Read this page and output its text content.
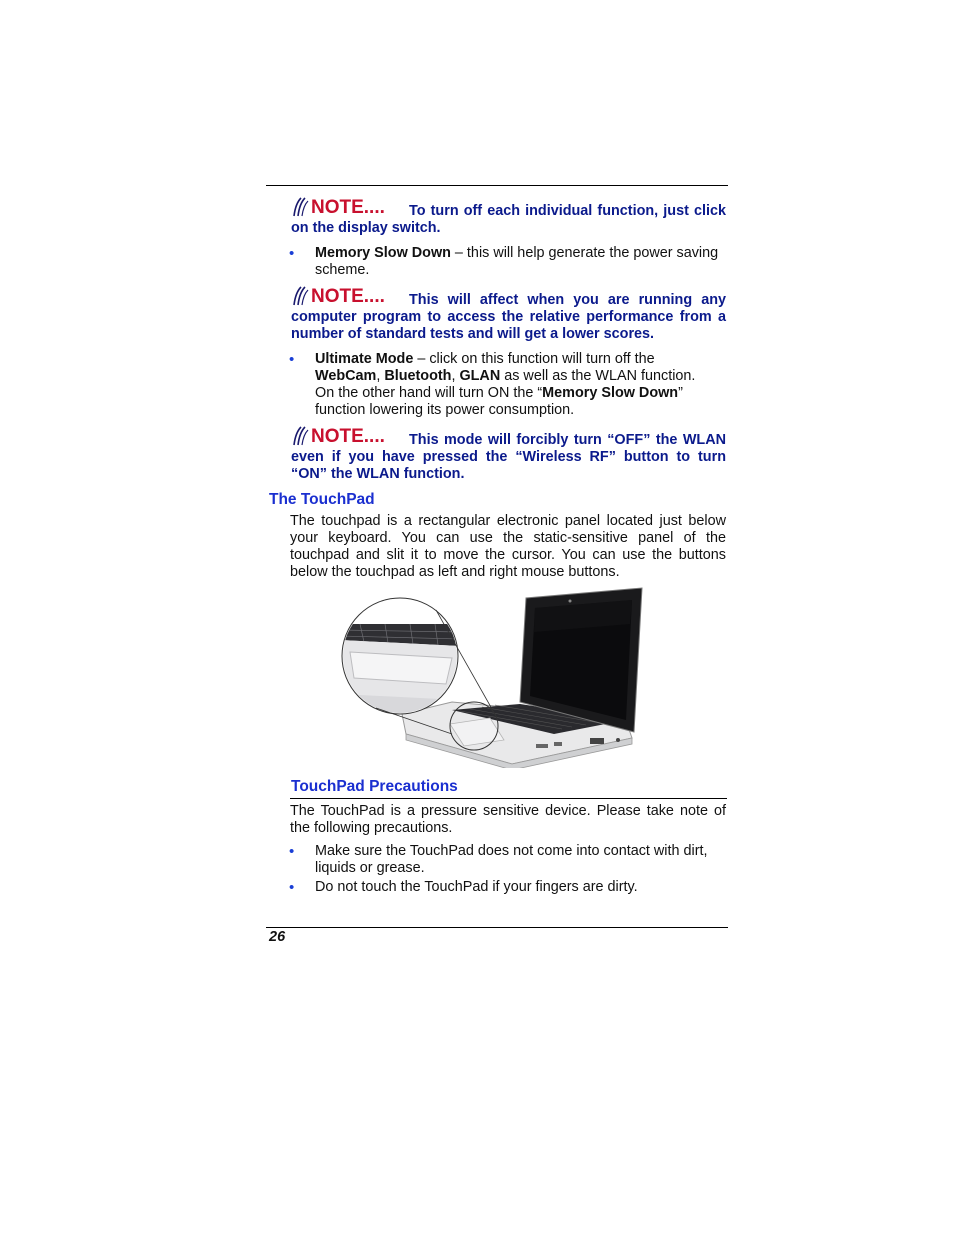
NOTE.... To turn off each individual function, just click on the display switch.
• Memory Slow Down – this will help generate the power saving scheme.
NOTE.... This will affect when you are running any computer program to access the relative performance from a number of standard tests and will get a lower scores.
• Ultimate Mode – click on this function will turn off the
WebCam, Bluetooth, GLAN as well as the WLAN function.
On the other hand will turn ON the “Memory Slow Down”
function lowering its power consumption.
NOTE.... This mode will forcibly turn “OFF” the WLAN even if you have pressed the “Wireless RF” button to turn “ON” the WLAN function.
The TouchPad
The touchpad is a rectangular electronic panel located just below your keyboard. You can use the static-sensitive panel of the touchpad and slit it to move the cursor. You can use the buttons below the touchpad as left and right mouse buttons.
TouchPad Precautions
The TouchPad is a pressure sensitive device. Please take note of the following precautions.
• Make sure the TouchPad does not come into contact with dirt, liquids or grease.
• Do not touch the TouchPad if your fingers are dirty.
26
